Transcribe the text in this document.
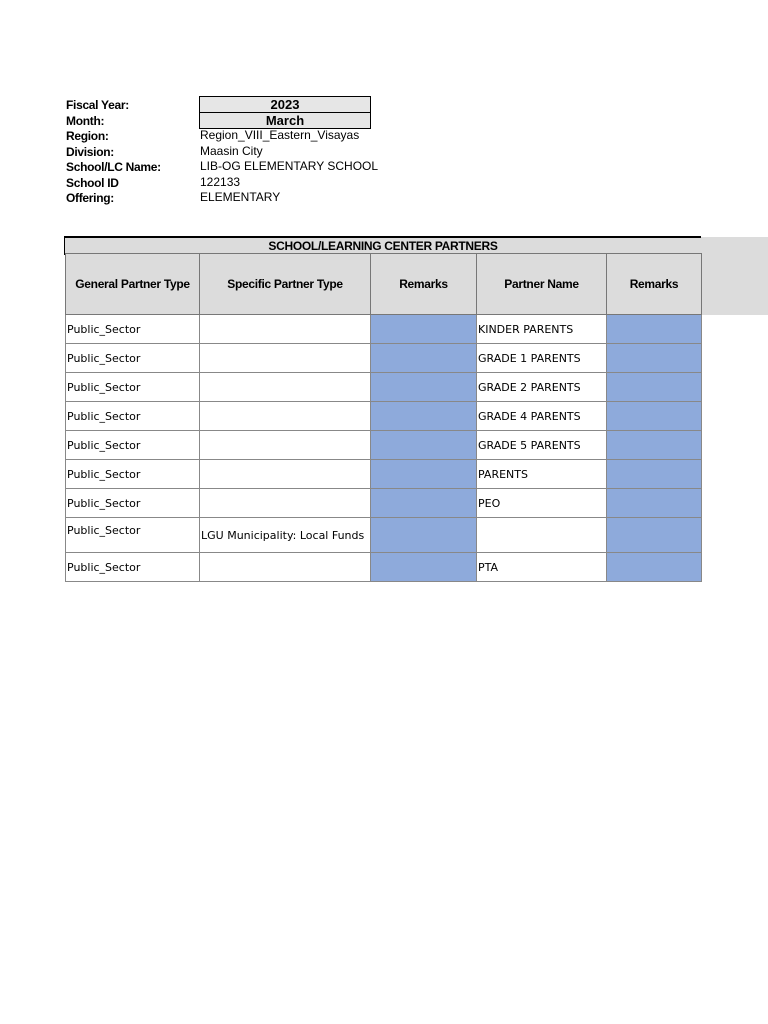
Fiscal Year:	2023
Month:	March
Region:	Region_VIII_Eastern_Visayas
Division:	Maasin City
School/LC Name:	LIB-OG ELEMENTARY SCHOOL
School ID	122133
Offering:	ELEMENTARY
SCHOOL/LEARNING CENTER PARTNERS
General Partner Type	Specific Partner Type	Remarks	Partner Name	Remarks
Public_Sector			KINDER PARENTS	
Public_Sector			GRADE 1 PARENTS	
Public_Sector			GRADE 2 PARENTS	
Public_Sector			GRADE 4 PARENTS	
Public_Sector			GRADE 5 PARENTS	
Public_Sector			PARENTS	
Public_Sector			PEO	
Public_Sector	LGU Municipality: Local Funds			
Public_Sector			PTA	
